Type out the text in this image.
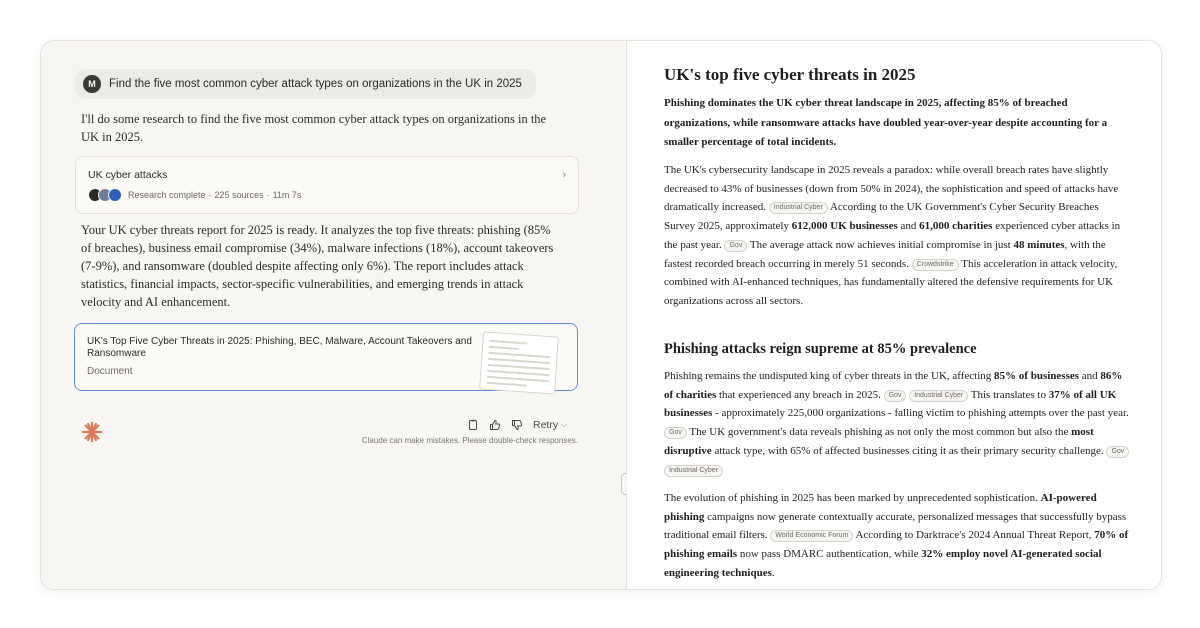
M	Find the five most common cyber attack types on organizations in the UK in 2025
I'll do some research to find the five most common cyber attack types on organizations in the UK in 2025.
UK cyber attacks
Research complete · 225 sources · 11m 7s
›
Your UK cyber threats report for 2025 is ready. It analyzes the top five threats: phishing (85% of breaches), business email compromise (34%), malware infections (18%), account takeovers (7-9%), and ransomware (doubled despite affecting only 6%). The report includes attack statistics, financial impacts, sector-specific vulnerabilities, and emerging trends in attack velocity and AI enhancement.
UK's Top Five Cyber Threats in 2025: Phishing, BEC, Malware, Account Takeovers and Ransomware
Document
Retry ⌵
Claude can make mistakes. Please double-check responses.
UK's top five cyber threats in 2025
Phishing dominates the UK cyber threat landscape in 2025, affecting 85% of breached organizations, while ransomware attacks have doubled year-over-year despite accounting for a smaller percentage of total incidents.
The UK's cybersecurity landscape in 2025 reveals a paradox: while overall breach rates have slightly decreased to 43% of businesses (down from 50% in 2024), the sophistication and speed of attacks have dramatically increased. Industrial Cyber According to the UK Government's Cyber Security Breaches Survey 2025, approximately 612,000 UK businesses and 61,000 charities experienced cyber attacks in the past year. Gov The average attack now achieves initial compromise in just 48 minutes, with the fastest recorded breach occurring in merely 51 seconds. Crowdstrike This acceleration in attack velocity, combined with AI-enhanced techniques, has fundamentally altered the defensive requirements for UK organizations across all sectors.
Phishing attacks reign supreme at 85% prevalence
Phishing remains the undisputed king of cyber threats in the UK, affecting 85% of businesses and 86% of charities that experienced any breach in 2025. Gov Industrial Cyber This translates to 37% of all UK businesses - approximately 225,000 organizations - falling victim to phishing attempts over the past year. Gov The UK government's data reveals phishing as not only the most common but also the most disruptive attack type, with 65% of affected businesses citing it as their primary security challenge. Gov Industrial Cyber
The evolution of phishing in 2025 has been marked by unprecedented sophistication. AI-powered phishing campaigns now generate contextually accurate, personalized messages that successfully bypass traditional email filters. World Economic Forum According to Darktrace's 2024 Annual Threat Report, 70% of phishing emails now pass DMARC authentication, while 32% employ novel AI-generated social engineering techniques.
